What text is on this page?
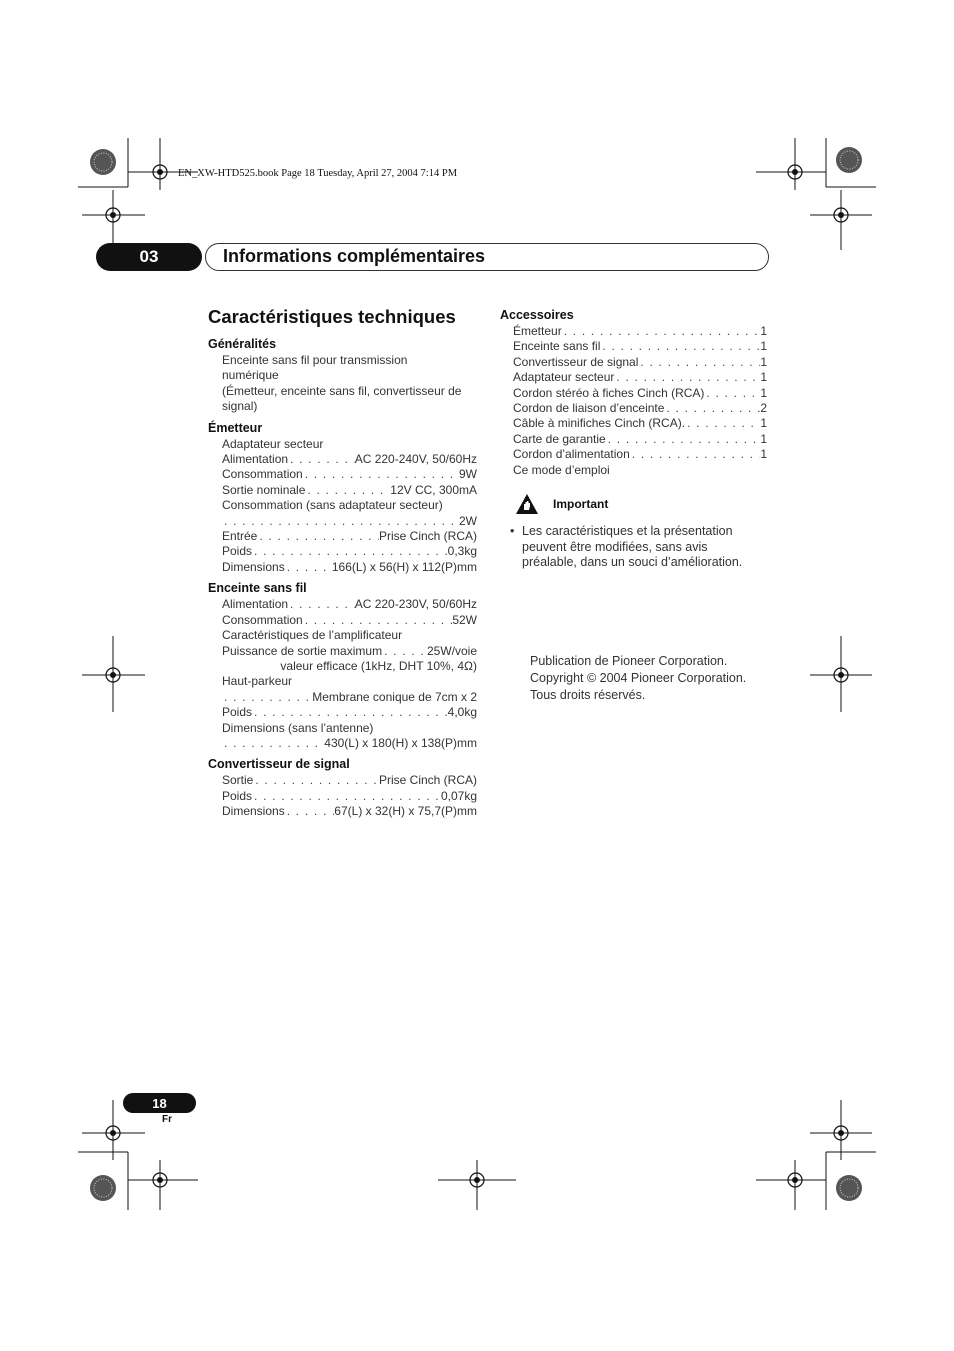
EN_XW-HTD525.book Page 18 Tuesday, April 27, 2004 7:14 PM
03	Informations complémentaires
Caractéristiques techniques

Généralités

Enceinte sans fil pour transmission
numérique
(Émetteur, enceinte sans fil, convertisseur de
signal)

Émetteur

Adaptateur secteur
Alimentation . . .	AC 220-240V, 50/60Hz
Consommation . . .	9W
Sortie nominale . . .	12V CC, 300mA
Consommation (sans adaptateur secteur)
. . .
2W
Entrée . . .	Prise Cinch (RCA)
Poids . . .	0,3kg
Dimensions . . .	166(L) x 56(H) x 112(P)mm

Enceinte sans fil

Alimentation . . .	AC 220-230V, 50/60Hz
Consommation . . .	52W
Caractéristiques de l’amplificateur
Puissance de sortie maximum . . .	25W/voie
valeur efficace (1kHz, DHT 10%, 4Ω)
Haut-parkeur
. . .
Membrane conique de 7cm x 2
Poids . . .	4,0kg
Dimensions (sans l’antenne)
. . .
430(L) x 180(H) x 138(P)mm

Convertisseur de signal

Sortie . . .	Prise Cinch (RCA)
Poids . . .	0,07kg
Dimensions . . .	67(L) x 32(H) x 75,7(P)mm

Accessoires

Émetteur . . .	1
Enceinte sans fil . . .	1
Convertisseur de signal . . .	1
Adaptateur secteur . . .	1
Cordon stéréo à fiches Cinch (RCA) . . .	1
Cordon de liaison d’enceinte . . .	2
Câble à minifiches Cinch (RCA). . . .	1
Carte de garantie . . .	1
Cordon d’alimentation . . .	1
Ce mode d’emploi
Important
• Les caractéristiques et la présentation
peuvent être modifiées, sans avis
préalable, dans un souci d’amélioration.
Publication de Pioneer Corporation.
Copyright © 2004 Pioneer Corporation.
Tous droits réservés.
18
Fr
